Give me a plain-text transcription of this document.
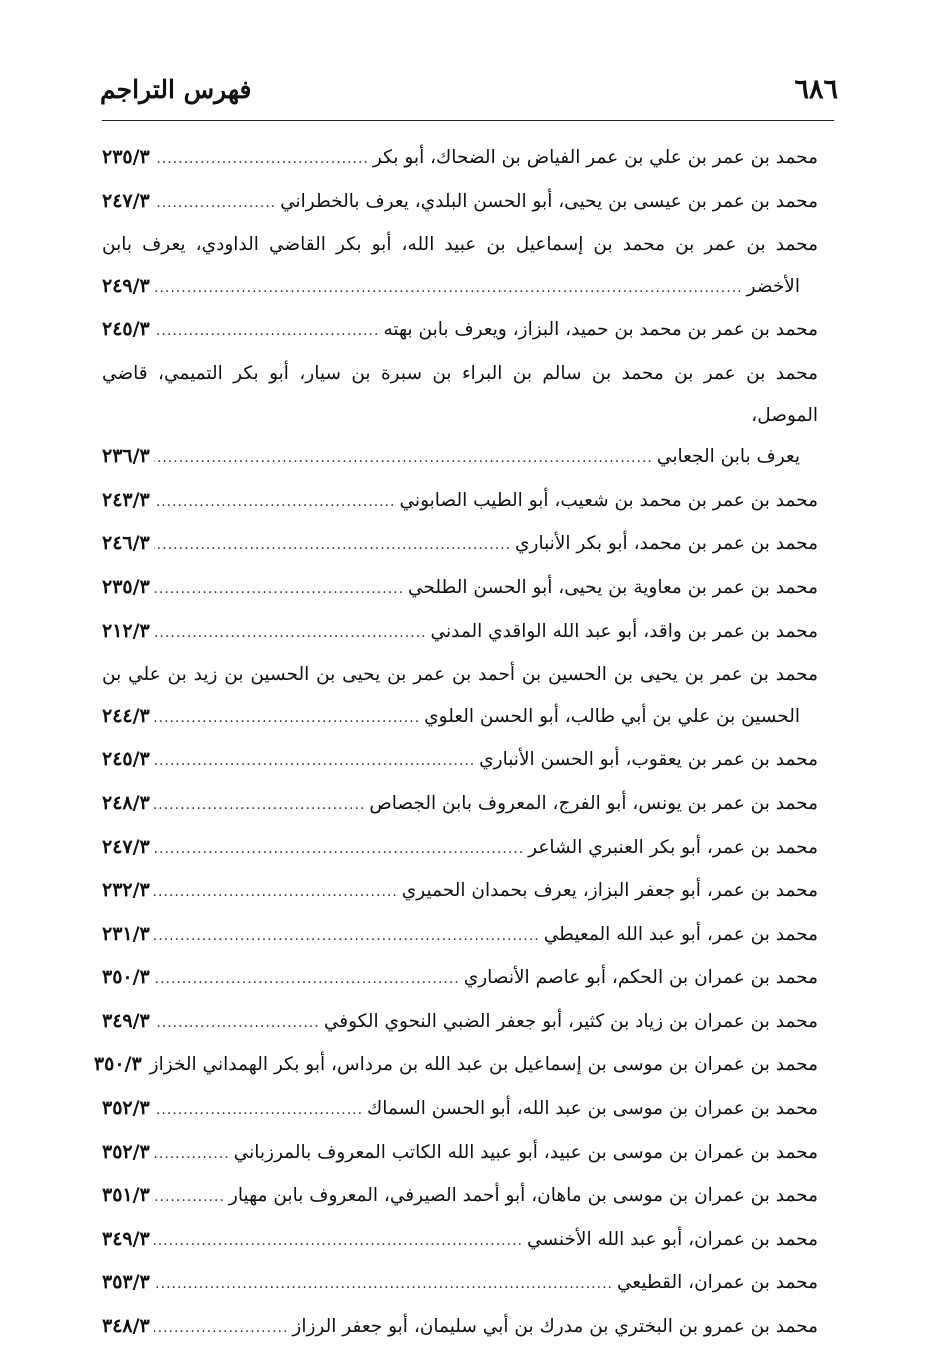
٦٨٦
فهرس التراجم
محمد بن عمر بن علي بن عمر الفياض بن الضحاك، أبو بكر
.....
٢٣٥/٣
محمد بن عمر بن عيسى بن يحيى، أبو الحسن البلدي، يعرف بالخطراني
.....
٢٤٧/٣
محمد بن عمر بن محمد بن إسماعيل بن عبيد الله، أبو بكر القاضي الداودي، يعرف بابن
الأخضر
.....
٢٤٩/٣
محمد بن عمر بن محمد بن حميد، البزاز، ويعرف بابن بهته
.....
٢٤٥/٣
محمد بن عمر بن محمد بن سالم بن البراء بن سبرة بن سيار، أبو بكر التميمي، قاضي الموصل،
يعرف بابن الجعابي
.....
٢٣٦/٣
محمد بن عمر بن محمد بن شعيب، أبو الطيب الصابوني
.....
٢٤٣/٣
محمد بن عمر بن محمد، أبو بكر الأنباري
.....
٢٤٦/٣
محمد بن عمر بن معاوية بن يحيى، أبو الحسن الطلحي
.....
٢٣٥/٣
محمد بن عمر بن واقد، أبو عبد الله الواقدي المدني
.....
٢١٢/٣
محمد بن عمر بن يحيى بن الحسين بن أحمد بن عمر بن يحيى بن الحسين بن زيد بن علي بن
الحسين بن علي بن أبي طالب، أبو الحسن العلوي
.....
٢٤٤/٣
محمد بن عمر بن يعقوب، أبو الحسن الأنباري
.....
٢٤٥/٣
محمد بن عمر بن يونس، أبو الفرج، المعروف بابن الجصاص
.....
٢٤٨/٣
محمد بن عمر، أبو بكر العنبري الشاعر
.....
٢٤٧/٣
محمد بن عمر، أبو جعفر البزاز، يعرف بحمدان الحميري
.....
٢٣٢/٣
محمد بن عمر، أبو عبد الله المعيطي
.....
٢٣١/٣
محمد بن عمران بن الحكم، أبو عاصم الأنصاري
.....
٣٥٠/٣
محمد بن عمران بن زياد بن كثير، أبو جعفر الضبي النحوي الكوفي
.....
٣٤٩/٣
محمد بن عمران بن موسى بن إسماعيل بن عبد الله بن مرداس، أبو بكر الهمداني الخزاز
٣٥٠/٣
محمد بن عمران بن موسى بن عبد الله، أبو الحسن السماك
.....
٣٥٢/٣
محمد بن عمران بن موسى بن عبيد، أبو عبيد الله الكاتب المعروف بالمرزباني
.....
٣٥٢/٣
محمد بن عمران بن موسى بن ماهان، أبو أحمد الصيرفي، المعروف بابن مهيار
.....
٣٥١/٣
محمد بن عمران، أبو عبد الله الأخنسي
.....
٣٤٩/٣
محمد بن عمران، القطيعي
.....
٣٥٣/٣
محمد بن عمرو بن البختري بن مدرك بن أبي سليمان، أبو جعفر الرزاز
.....
٣٤٨/٣
